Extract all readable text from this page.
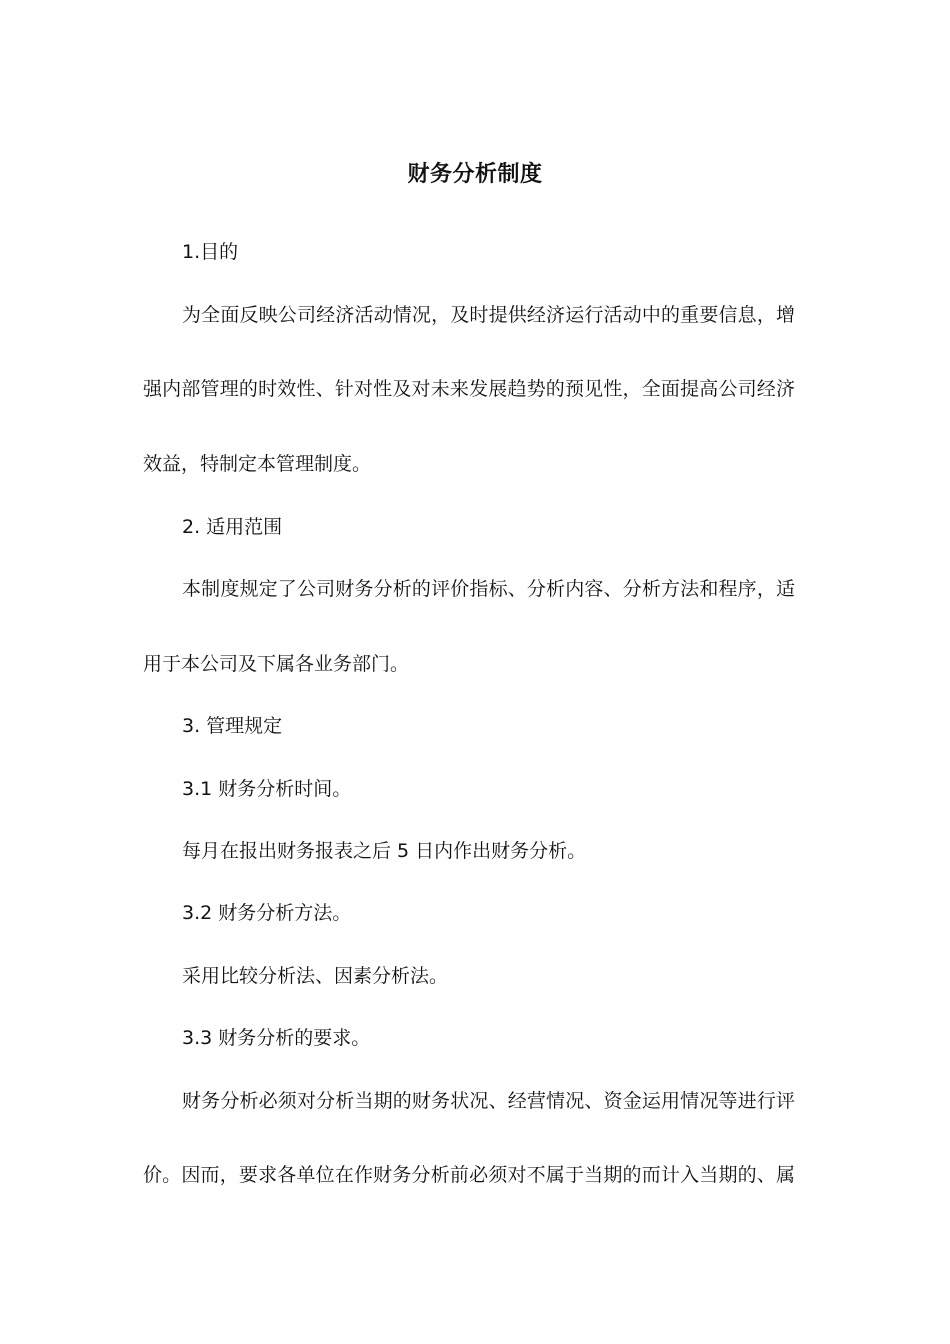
财务分析制度
1.目的
为全面反映公司经济活动情况，及时提供经济运行活动中的重要信息，增
强内部管理的时效性、针对性及对未来发展趋势的预见性，全面提高公司经济
效益，特制定本管理制度。
2. 适用范围
本制度规定了公司财务分析的评价指标、分析内容、分析方法和程序，适
用于本公司及下属各业务部门。
3. 管理规定
3.1 财务分析时间。
每月在报出财务报表之后 5 日内作出财务分析。
3.2 财务分析方法。
采用比较分析法、因素分析法。
3.3 财务分析的要求。
财务分析必须对分析当期的财务状况、经营情况、资金运用情况等进行评
价。因而，要求各单位在作财务分析前必须对不属于当期的而计入当期的、属
